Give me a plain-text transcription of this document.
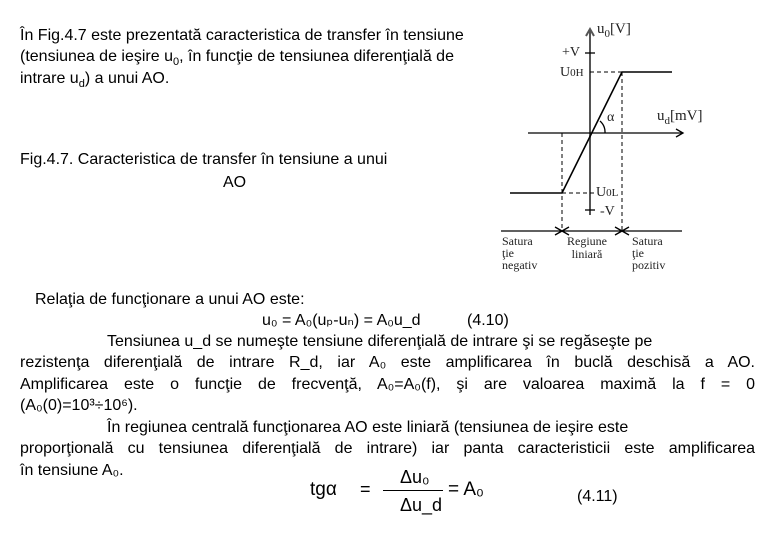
În Fig.4.7 este prezentată caracteristica de transfer în tensiune
(tensiunea de ieşire $u_0$, în funcţie de tensiunea diferenţială de
intrare $u_d$) a unui AO.
Fig.4.7. Caracteristica de transfer în tensiune a unui
AO
$u_0[V]$
+V
U0H
α	$u_d[mV]$
U0L
-V
Satura
ţie
negativ
Regiune
liniară
Satura
ţie
pozitiv
Relaţia de funcţionare a unui AO este:
u₀ = A₀(uₚ-uₙ) = A₀u_d	(4.10)
Tensiunea u_d se numeşte tensiune diferenţială de intrare şi se regăseşte pe
rezistenţa diferenţială de intrare R_d, iar A₀ este amplificarea în buclă deschisă a AO.
Amplificarea este o funcţie de frecvenţă, A₀=A₀(f), şi are valoarea maximă la f = 0
(A₀(0)=10³÷10⁶).
În regiunea centrală funcţionarea AO este liniară (tensiunea de ieşire este
proporţională cu tensiunea diferenţială de intrare) iar panta caracteristicii este amplificarea
în tensiune A₀.
tgα =
Δu₀
Δu_d
= A₀	(4.11)
